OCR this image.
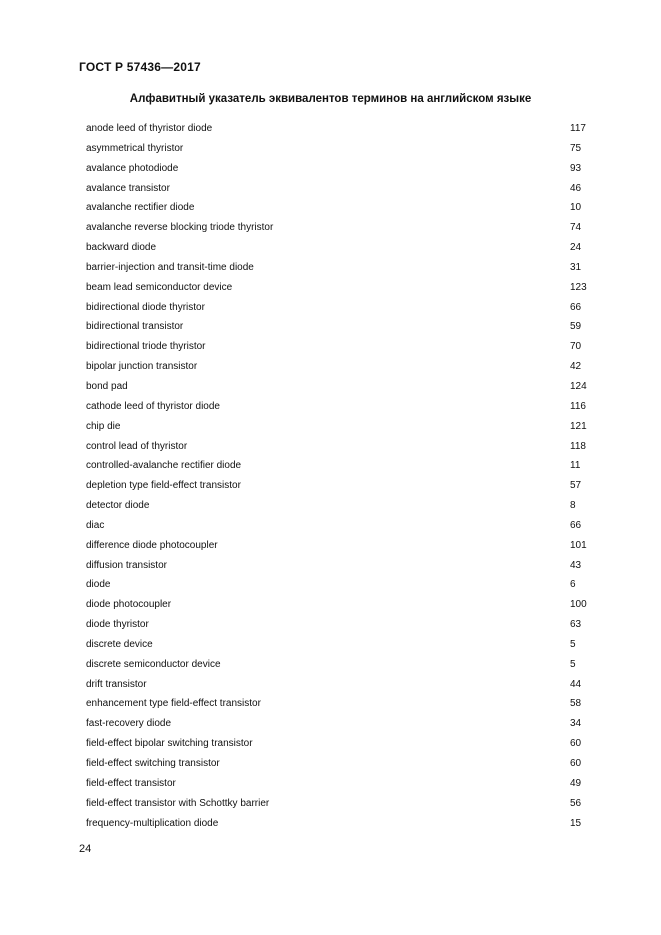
ГОСТ Р 57436—2017
Алфавитный указатель эквивалентов терминов на английском языке
anode leed of thyristor diode	117
asymmetrical thyristor	75
avalance photodiode	93
avalance transistor	46
avalanche rectifier diode	10
avalanche reverse blocking triode thyristor	74
backward diode	24
barrier-injection and transit-time diode	31
beam lead semiconductor device	123
bidirectional diode thyristor	66
bidirectional transistor	59
bidirectional triode thyristor	70
bipolar junction transistor	42
bond pad	124
cathode leed of thyristor diode	116
chip die	121
control lead of thyristor	118
controlled-avalanche rectifier diode	11
depletion type field-effect transistor	57
detector diode	8
diac	66
difference diode photocoupler	101
diffusion transistor	43
diode	6
diode photocoupler	100
diode thyristor	63
discrete device	5
discrete semiconductor device	5
drift transistor	44
enhancement type field-effect transistor	58
fast-recovery diode	34
field-effect bipolar switching transistor	60
field-effect switching transistor	60
field-effect transistor	49
field-effect transistor with Schottky barrier	56
frequency-multiplication diode	15
24
